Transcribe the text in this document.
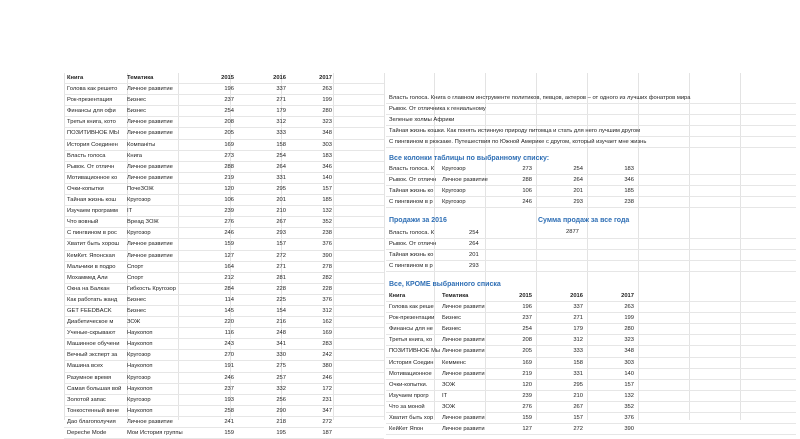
Книга	Тематика	2015	2016	2017
Голова как решето	Личное развитие	196	337	263
Рок-презентация	Бизнес	237	271	199
Финансы для офи	Бизнес	254	179	280
Третья книга, кото	Личное развитие	208	312	323
ПОЗИТИВНОЕ МЫ	Личное развитие	205	333	348
История Соединен	Компаніты	169	158	303
Власть голоса	Книга	273	254	183
Рывок. От отличн	Личное развитие	288	264	346
Мотивационное ко	Личное развитие	219	331	140
Очки-копытки	ПочеЗОЖ	120	295	157
Тайная жизнь кош	Кругозор	106	201	185
Изучаем программ	IT	239	210	132
Что вовный	Вреад ЗОЖ	276	267	352
С пингвином в рос	Кругозор	246	293	238
Хватит быть хорош	Личное развитие	159	157	376
КемКет. Японская	Личное развитие	127	272	390
Мальчики в подро	Спорт	164	271	278
Мохаммед Али	Спорт	212	281	282
Окна на Балкан	Гибкость Кругозор	284	228	228
Как работать жанд	Бизнес	114	225	376
GET FEEDBACK	Бизнес	145	154	312
Диабетическое м	ЗОЖ	220	216	162
Ученые-скрывают	Наукопоп	116	248	169
Машинное обучени	Наукопоп	243	341	283
Вечный эксперт за	Кругозор	270	330	242
Машина всех	Наукопоп	191	275	380
Разумное время	Кругозор	246	257	246
Самая большая вой Наукопоп	237	332	172
Золотой запас	Кругозор	193	256	231
Тонкостенный вене	Наукопоп	258	290	347
Дао благополучия	Личное развитие	241	218	272
Depeche Mode	Мои История группы	159	195	187
Власть голоса. Книга о главном инструменте политиков, певцов, актеров – от одного из лучших фонатров мира
Рывок. От отличника к гениальному
Зеленые холмы Африки
Тайная жизнь кошки. Как понять истинную природу питомца и стать для него лучшим другом
С пингвином в рюкзаке. Путешествия по Южной Америке с другом, который изучает мне жизнь
Все колонки таблицы по выбранному списку:
Власть голоса. К	Кругозор	273	254	183
Рывок. От отличн Личное развитие	288	264	346
Тайная жизнь ко	Кругозор	106	201	185
С пингвином в р	Кругозор	246	293	238
Продажи за 2016	Сумма продаж за все года
Власть голоса. К	254
Рывок. От отличн	264
Тайная жизнь ко	201
С пингвином в р	293
2877
Все, КРОМЕ выбранного списка
Книга	Тематика	2015	2016	2017
Голова как реше	Личное развити	196	337	263
Рок-презентации	Бизнес	237	271	199
Финансы для не	Бизнес	254	179	280
Третья книга, ко	Личное развити	208	312	323
ПОЗИТИВНОЕ Мы Личное развити	205	333	348
История Соедин	Кемменс	169	158	303
Мотивационное	Личное развити	219	331	140
Очки-копытки.	ЗОЖ	120	295	157
Изучаем прогр	IT	239	210	132
Что за моной	ЗОЖ	276	267	352
Хватит быть хор	Личное развити	159	157	376
КейКет Япон	Личное развити	127	272	390
